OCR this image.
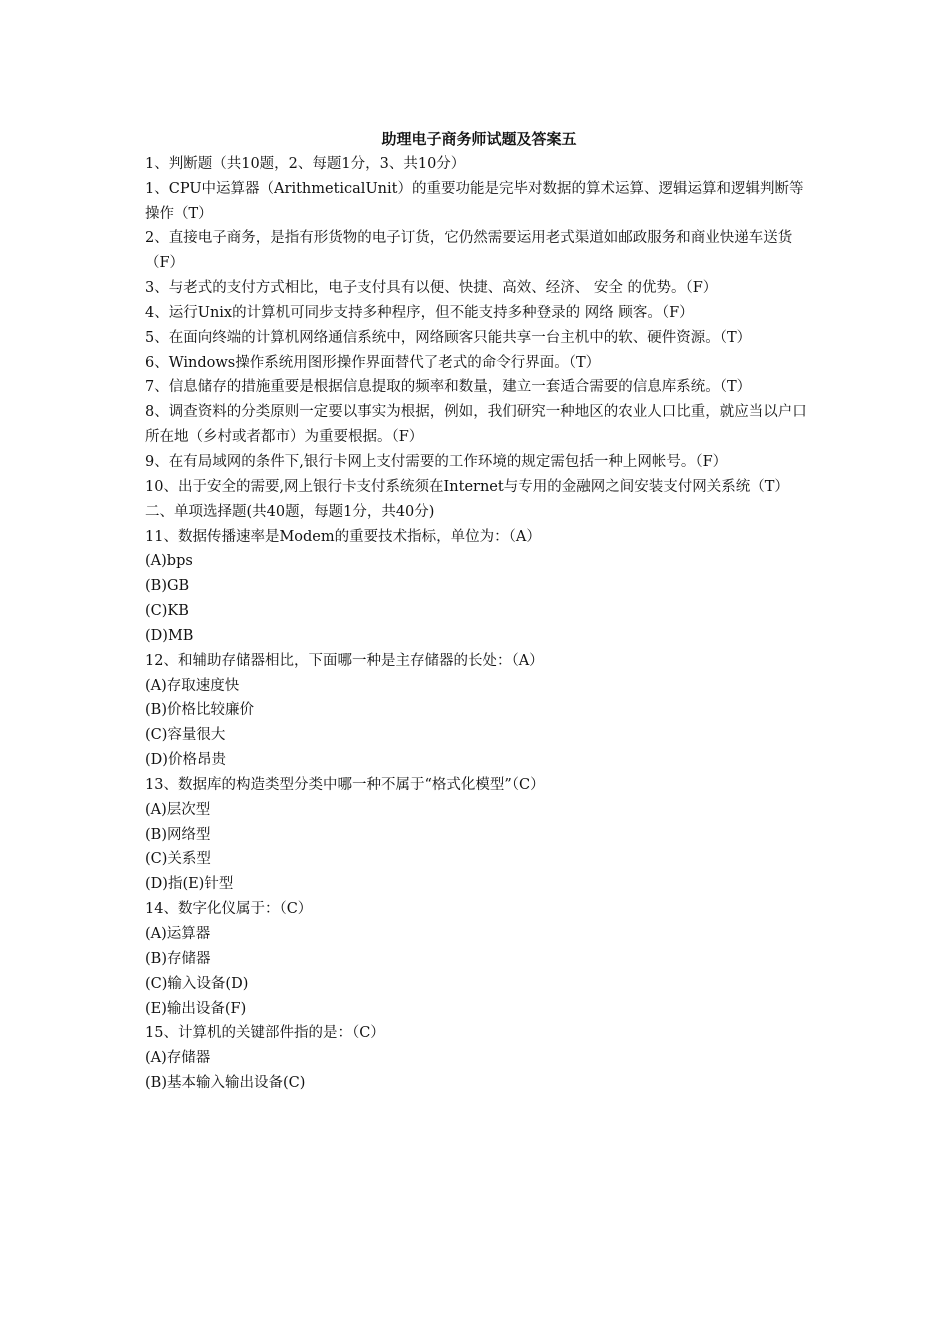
助理电子商务师试题及答案五

1、判断题（共10题，2、每题1分，3、共10分）

1、CPU中运算器（ArithmeticalUnit）的重要功能是完毕对数据的算术运算、逻辑运算和逻辑判断等操作（T）

2、直接电子商务，是指有形货物的电子订货，它仍然需要运用老式渠道如邮政服务和商业快递车送货（F）

3、与老式的支付方式相比，电子支付具有以便、快捷、高效、经济、 安全 的优势。（F）

4、运行Unix的计算机可同步支持多种程序，但不能支持多种登录的 网络 顾客。（F）

5、在面向终端的计算机网络通信系统中，网络顾客只能共享一台主机中的软、硬件资源。（T）

6、Windows操作系统用图形操作界面替代了老式的命令行界面。（T）

7、信息储存的措施重要是根据信息提取的频率和数量，建立一套适合需要的信息库系统。（T）

8、调查资料的分类原则一定要以事实为根据，例如，我们研究一种地区的农业人口比重，就应当以户口所在地（乡村或者都市）为重要根据。（F）

9、在有局域网的条件下,银行卡网上支付需要的工作环境的规定需包括一种上网帐号。（F）

10、出于安全的需要,网上银行卡支付系统须在Internet与专用的金融网之间安装支付网关系统（T）

二、单项选择题(共40题，每题1分，共40分)

11、数据传播速率是Modem的重要技术指标，单位为：（A）

(A)bps

(B)GB

(C)KB

(D)MB

12、和辅助存储器相比，下面哪一种是主存储器的长处：（A）

(A)存取速度快

(B)价格比较廉价

(C)容量很大

(D)价格昂贵

13、数据库的构造类型分类中哪一种不属于“格式化模型”（C）

(A)层次型

(B)网络型

(C)关系型

(D)指(E)针型

14、数字化仪属于：（C）

(A)运算器

(B)存储器

(C)输入设备(D)

(E)输出设备(F)

15、计算机的关键部件指的是：（C）

(A)存储器

(B)基本输入输出设备(C)
